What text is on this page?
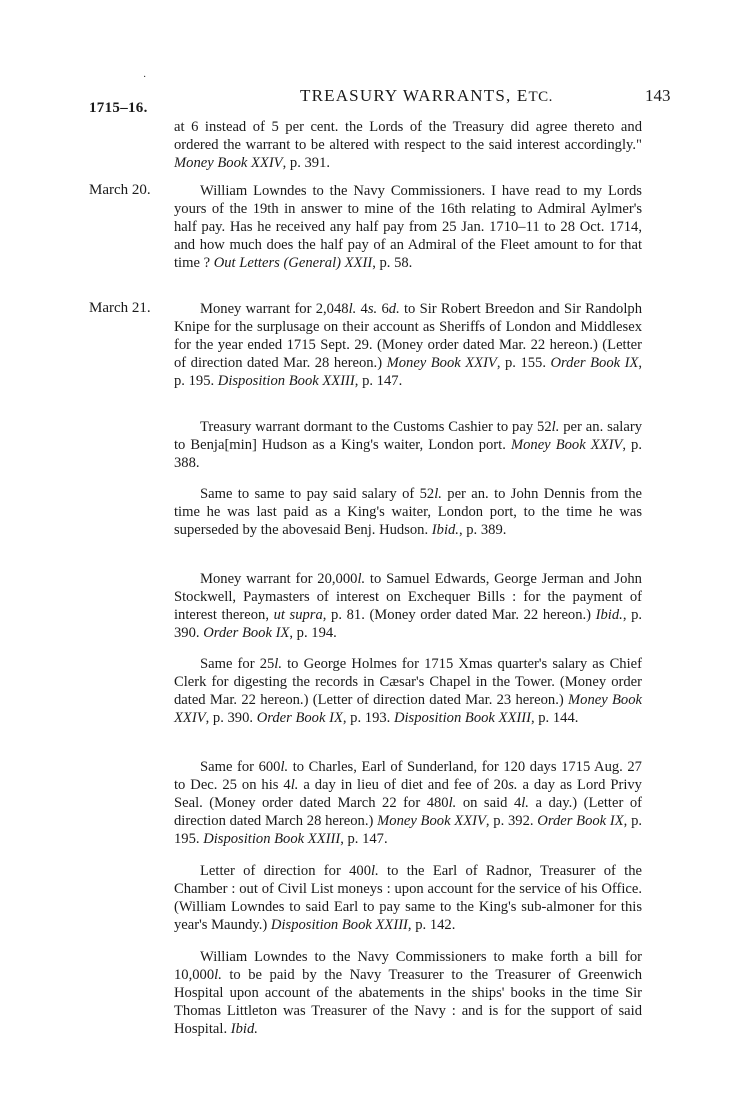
·
1715–16.
TREASURY WARRANTS, ETC.	143
at 6 instead of 5 per cent. the Lords of the Treasury did agree thereto and ordered the warrant to be altered with respect to the said interest accordingly." Money Book XXIV, p. 391.
March 20.	William Lowndes to the Navy Commissioners. I have read to my Lords yours of the 19th in answer to mine of the 16th relating to Admiral Aylmer's half pay. Has he received any half pay from 25 Jan. 1710–11 to 28 Oct. 1714, and how much does the half pay of an Admiral of the Fleet amount to for that time ? Out Letters (General) XXII, p. 58.
March 21.	Money warrant for 2,048l. 4s. 6d. to Sir Robert Breedon and Sir Randolph Knipe for the surplusage on their account as Sheriffs of London and Middlesex for the year ended 1715 Sept. 29. (Money order dated Mar. 22 hereon.) (Letter of direction dated Mar. 28 hereon.) Money Book XXIV, p. 155. Order Book IX, p. 195. Disposition Book XXIII, p. 147.
Treasury warrant dormant to the Customs Cashier to pay 52l. per an. salary to Benja[min] Hudson as a King's waiter, London port. Money Book XXIV, p. 388.
Same to same to pay said salary of 52l. per an. to John Dennis from the time he was last paid as a King's waiter, London port, to the time he was superseded by the abovesaid Benj. Hudson. Ibid., p. 389.
Money warrant for 20,000l. to Samuel Edwards, George Jerman and John Stockwell, Paymasters of interest on Exchequer Bills : for the payment of interest thereon, ut supra, p. 81. (Money order dated Mar. 22 hereon.) Ibid., p. 390. Order Book IX, p. 194.
Same for 25l. to George Holmes for 1715 Xmas quarter's salary as Chief Clerk for digesting the records in Cæsar's Chapel in the Tower. (Money order dated Mar. 22 hereon.) (Letter of direction dated Mar. 23 hereon.) Money Book XXIV, p. 390. Order Book IX, p. 193. Disposition Book XXIII, p. 144.
Same for 600l. to Charles, Earl of Sunderland, for 120 days 1715 Aug. 27 to Dec. 25 on his 4l. a day in lieu of diet and fee of 20s. a day as Lord Privy Seal. (Money order dated March 22 for 480l. on said 4l. a day.) (Letter of direction dated March 28 hereon.) Money Book XXIV, p. 392. Order Book IX, p. 195. Disposition Book XXIII, p. 147.
Letter of direction for 400l. to the Earl of Radnor, Treasurer of the Chamber : out of Civil List moneys : upon account for the service of his Office. (William Lowndes to said Earl to pay same to the King's sub-almoner for this year's Maundy.) Disposition Book XXIII, p. 142.
William Lowndes to the Navy Commissioners to make forth a bill for 10,000l. to be paid by the Navy Treasurer to the Treasurer of Greenwich Hospital upon account of the abatements in the ships' books in the time Sir Thomas Littleton was Treasurer of the Navy : and is for the support of said Hospital. Ibid.
